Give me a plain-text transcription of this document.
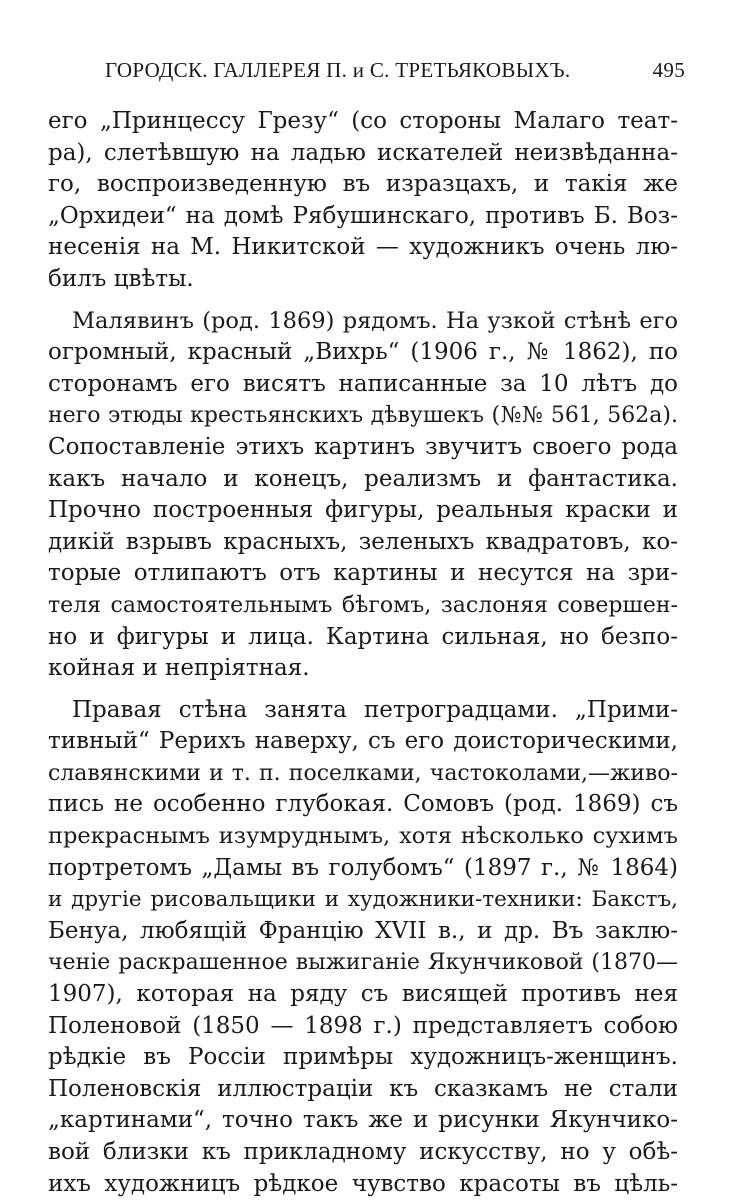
ГОРОДСК. ГАЛЛЕРЕЯ П. и С. ТРЕТЬЯКОВЫХЪ.	495
его „Принцессу Грезу“ (со стороны Малаго теат-
ра), слетѣвшую на ладью искателей неизвѣданна-
го, воспроизведенную въ изразцахъ, и такія же
„Орхидеи“ на домѣ Рябушинскаго, противъ Б. Воз-
несенія на М. Никитской — художникъ очень лю-
билъ цвѣты.
Малявинъ (род. 1869) рядомъ. На узкой стѣнѣ его
огромный, красный „Вихрь“ (1906 г., № 1862), по
сторонамъ его висятъ написанные за 10 лѣтъ до
него этюды крестьянскихъ дѣвушекъ (№№ 561, 562а).
Сопоставленіе этихъ картинъ звучитъ своего рода
какъ начало и конецъ, реализмъ и фантастика.
Прочно построенныя фигуры, реальныя краски и
дикій взрывъ красныхъ, зеленыхъ квадратовъ, ко-
торые отлипаютъ отъ картины и несутся на зри-
теля самостоятельнымъ бѣгомъ, заслоняя совершен-
но и фигуры и лица. Картина сильная, но безпо-
койная и непріятная.
Правая стѣна занята петроградцами. „Прими-
тивный“ Рерихъ наверху, съ его доисторическими,
славянскими и т. п. поселками, частоколами,—живо-
пись не особенно глубокая. Сомовъ (род. 1869) съ
прекраснымъ изумруднымъ, хотя нѣсколько сухимъ
портретомъ „Дамы въ голубомъ“ (1897 г., № 1864)
и другіе рисовальщики и художники-техники: Бакстъ,
Бенуа, любящій Францію XVII в., и др. Въ заклю-
ченіе раскрашенное выжиганіе Якунчиковой (1870—
1907), которая на ряду съ висящей противъ нея
Поленовой (1850 — 1898 г.) представляетъ собою
рѣдкіе въ Россіи примѣры художницъ-женщинъ.
Поленовскія иллюстраціи къ сказкамъ не стали
„картинами“, точно такъ же и рисунки Якунчико-
вой близки къ прикладному искусству, но у обѣ-
ихъ художницъ рѣдкое чувство красоты въ цѣль-
